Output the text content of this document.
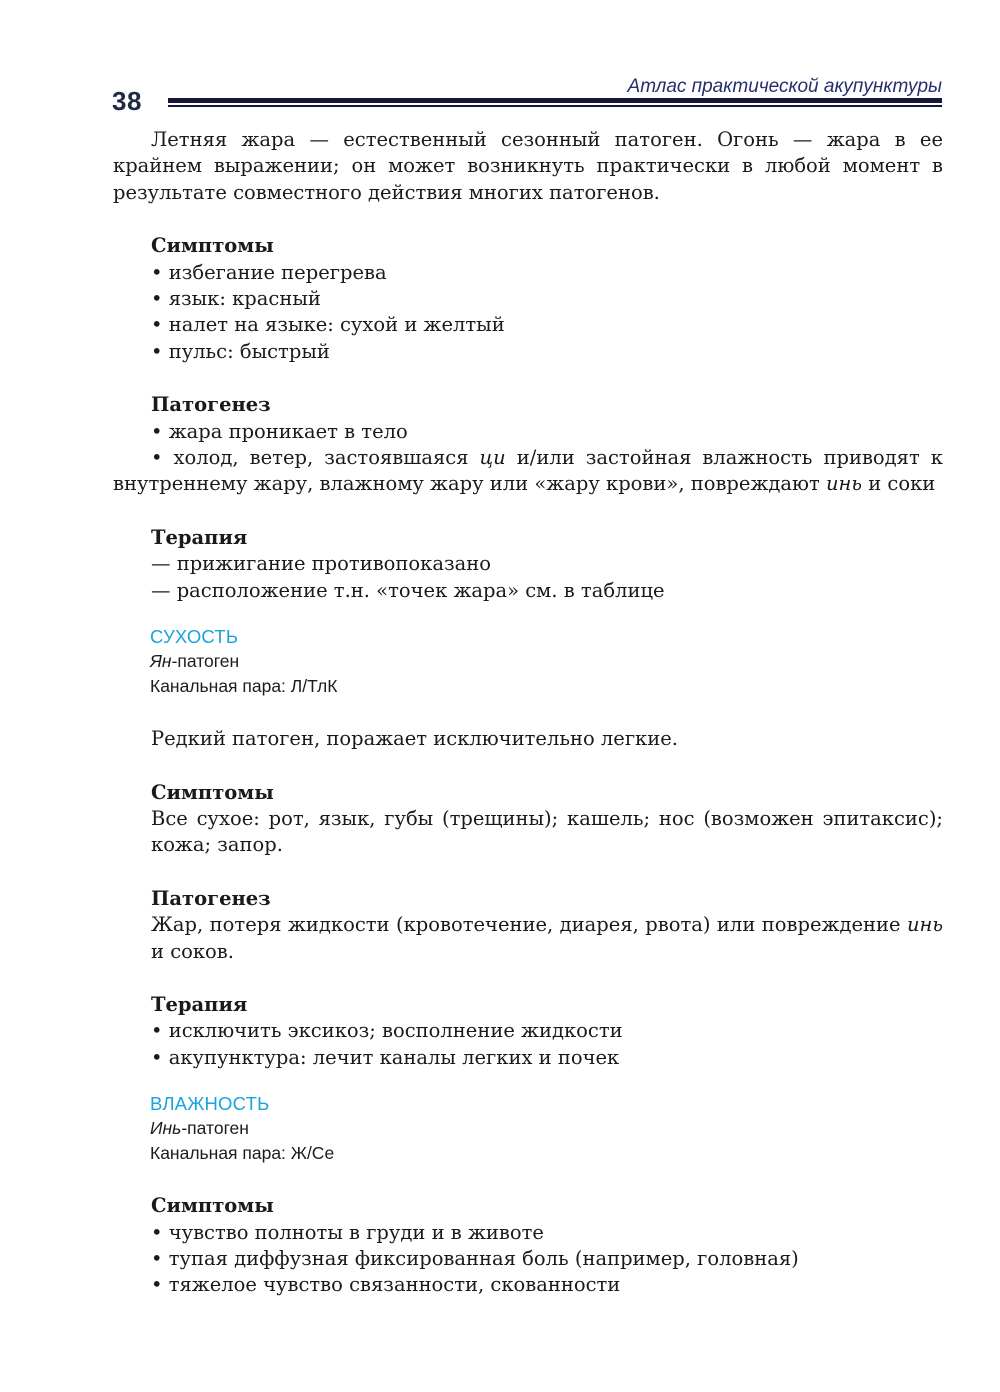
38	Атлас практической акупунктуры

Летняя жара — естественный сезонный патоген. Огонь — жара в ее крайнем выражении; он может возникнуть практически в любой момент в результате совместного действия многих патогенов.

Симптомы

• избегание перегрева

• язык: красный

• налет на языке: сухой и желтый

• пульс: быстрый

Патогенез

• жара проникает в тело

• холод, ветер, застоявшаяся ци и/или застойная влажность приводят к внутреннему жару, влажному жару или «жару крови», повреждают инь и соки

Терапия

— прижигание противопоказано

— расположение т.н. «точек жара» см. в таблице

СУХОСТЬ
Ян-патоген
Канальная пара: Л/ТлК

Редкий патоген, поражает исключительно легкие.

Симптомы

Все сухое: рот, язык, губы (трещины); кашель; нос (возможен эпитаксис); кожа; запор.

Патогенез

Жар, потеря жидкости (кровотечение, диарея, рвота) или повреждение инь и соков.

Терапия

• исключить эксикоз; восполнение жидкости

• акупунктура: лечит каналы легких и почек

ВЛАЖНОСТЬ
Инь-патоген
Канальная пара: Ж/Се

Симптомы

• чувство полноты в груди и в животе

• тупая диффузная фиксированная боль (например, головная)

• тяжелое чувство связанности, скованности
